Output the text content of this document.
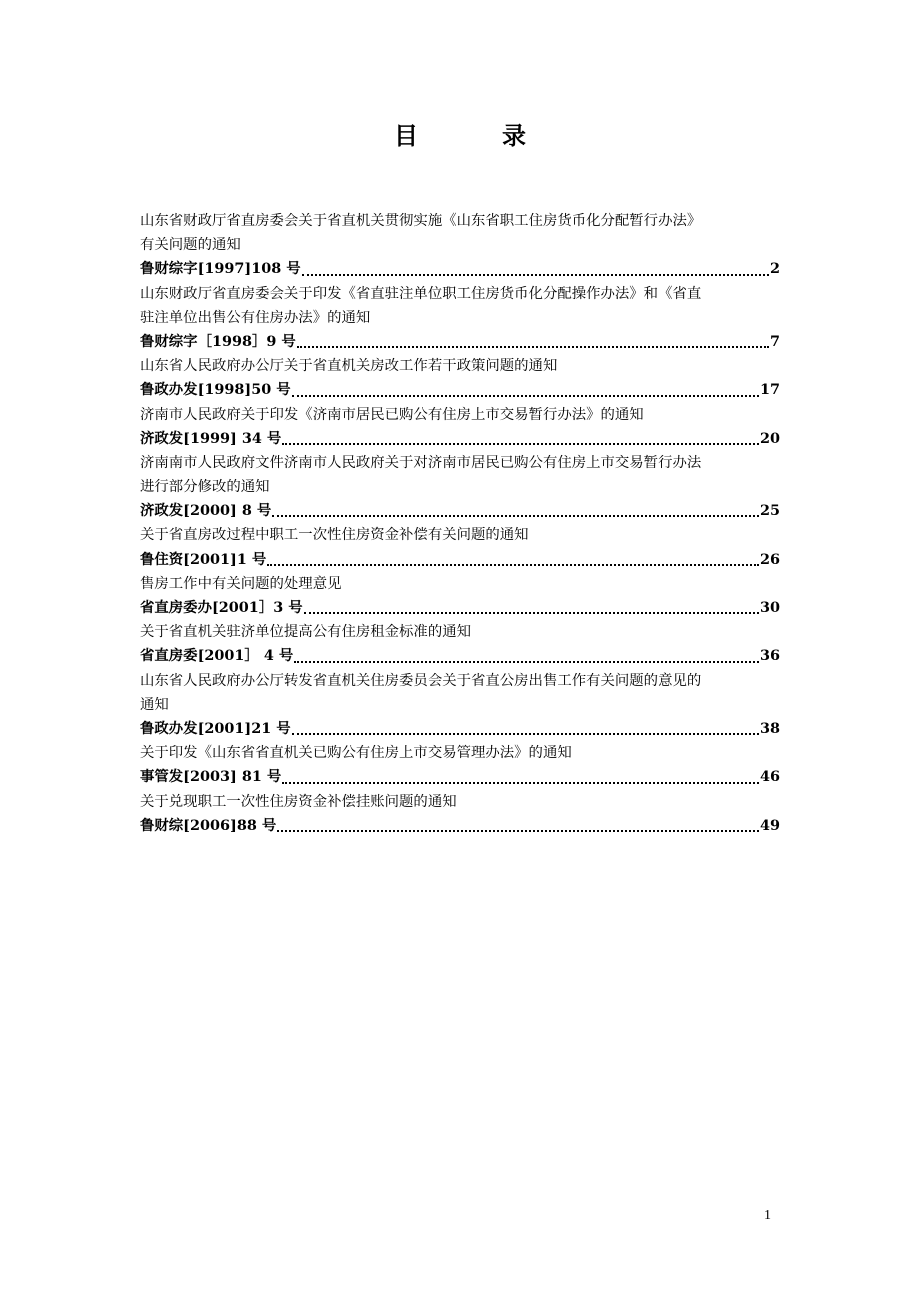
目	录
山东省财政厅省直房委会关于省直机关贯彻实施《山东省职工住房货币化分配暂行办法》
有关问题的通知
鲁财综字[1997]108 号	2
山东财政厅省直房委会关于印发《省直驻注单位职工住房货币化分配操作办法》和《省直
驻注单位出售公有住房办法》的通知
鲁财综字［1998］9 号	7
山东省人民政府办公厅关于省直机关房改工作若干政策问题的通知
鲁政办发[1998]50 号	17
济南市人民政府关于印发《济南市居民已购公有住房上市交易暂行办法》的通知
济政发[1999] 34 号	20
济南南市人民政府文件济南市人民政府关于对济南市居民已购公有住房上市交易暂行办法
进行部分修改的通知
济政发[2000] 8 号	25
关于省直房改过程中职工一次性住房资金补偿有关问题的通知
鲁住资[2001]1 号	26
售房工作中有关问题的处理意见
省直房委办[2001］3 号	30
关于省直机关驻济单位提高公有住房租金标准的通知
省直房委[2001］ 4 号	36
山东省人民政府办公厅转发省直机关住房委员会关于省直公房出售工作有关问题的意见的
通知
鲁政办发[2001]21 号	38
关于印发《山东省省直机关已购公有住房上市交易管理办法》的通知
事管发[2003] 81 号	46
关于兑现职工一次性住房资金补偿挂账问题的通知
鲁财综[2006]88 号	49
1
